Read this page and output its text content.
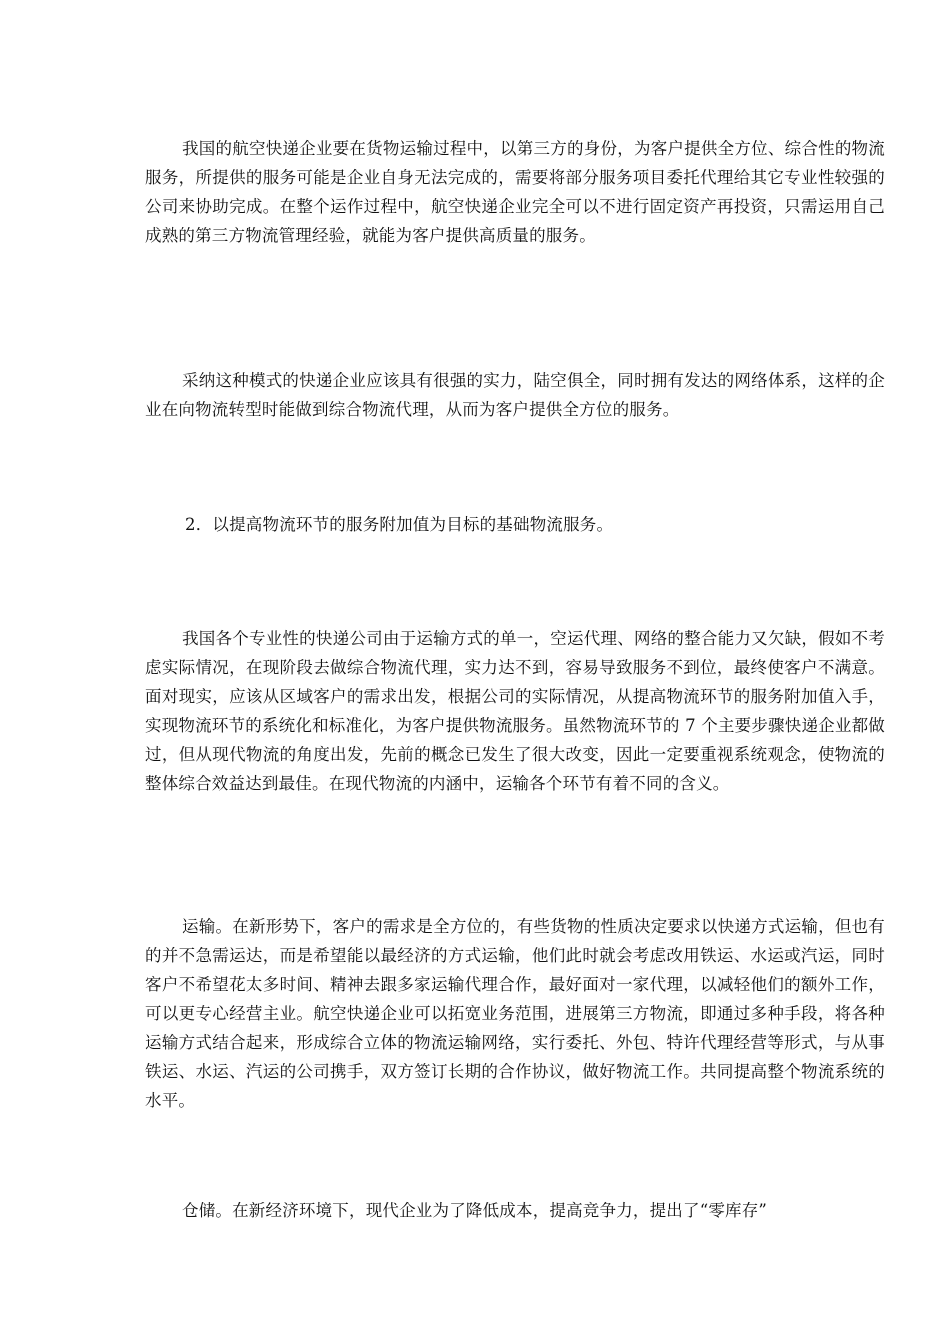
我国的航空快递企业要在货物运输过程中，以第三方的身份，为客户提供全方位、综合性的物流服务，所提供的服务可能是企业自身无法完成的，需要将部分服务项目委托代理给其它专业性较强的公司来协助完成。在整个运作过程中，航空快递企业完全可以不进行固定资产再投资，只需运用自己成熟的第三方物流管理经验，就能为客户提供高质量的服务。

采纳这种模式的快递企业应该具有很强的实力，陆空俱全，同时拥有发达的网络体系，这样的企业在向物流转型时能做到综合物流代理，从而为客户提供全方位的服务。

2．以提高物流环节的服务附加值为目标的基础物流服务。

我国各个专业性的快递公司由于运输方式的单一，空运代理、网络的整合能力又欠缺，假如不考虑实际情况，在现阶段去做综合物流代理，实力达不到，容易导致服务不到位，最终使客户不满意。面对现实，应该从区域客户的需求出发，根据公司的实际情况，从提高物流环节的服务附加值入手，实现物流环节的系统化和标准化，为客户提供物流服务。虽然物流环节的 7 个主要步骤快递企业都做过，但从现代物流的角度出发，先前的概念已发生了很大改变，因此一定要重视系统观念，使物流的整体综合效益达到最佳。在现代物流的内涵中，运输各个环节有着不同的含义。

运输。在新形势下，客户的需求是全方位的，有些货物的性质决定要求以快递方式运输，但也有的并不急需运达，而是希望能以最经济的方式运输，他们此时就会考虑改用铁运、水运或汽运，同时客户不希望花太多时间、精神去跟多家运输代理合作，最好面对一家代理，以减轻他们的额外工作，可以更专心经营主业。航空快递企业可以拓宽业务范围，进展第三方物流，即通过多种手段，将各种运输方式结合起来，形成综合立体的物流运输网络，实行委托、外包、特许代理经营等形式，与从事铁运、水运、汽运的公司携手，双方签订长期的合作协议，做好物流工作。共同提高整个物流系统的水平。

仓储。在新经济环境下，现代企业为了降低成本，提高竞争力，提出了“零库存”
